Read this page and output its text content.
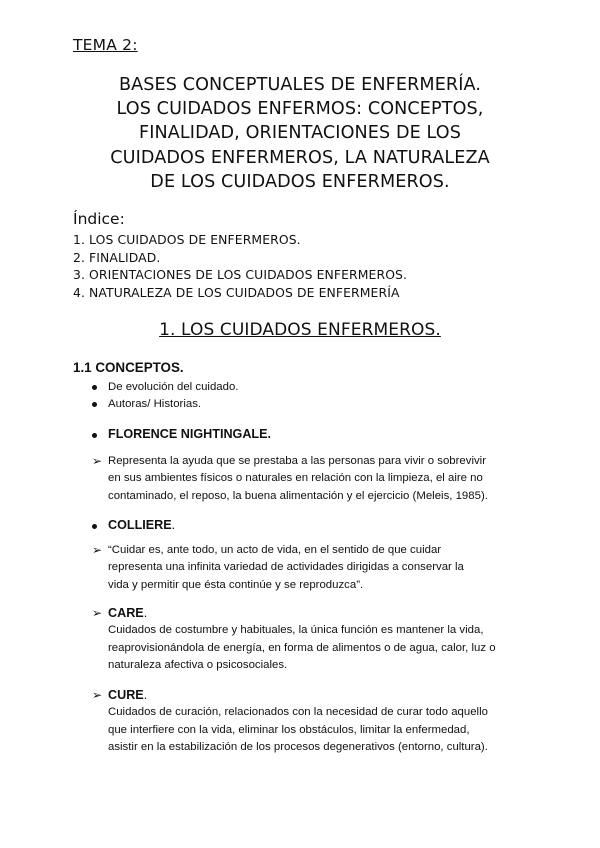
TEMA 2:
BASES CONCEPTUALES DE ENFERMERÍA.
LOS CUIDADOS ENFERMOS: CONCEPTOS,
FINALIDAD, ORIENTACIONES DE LOS
CUIDADOS ENFERMEROS, LA NATURALEZA
DE LOS CUIDADOS ENFERMEROS.
Índice:
1. LOS CUIDADOS DE ENFERMEROS.
2. FINALIDAD.
3. ORIENTACIONES DE LOS CUIDADOS ENFERMEROS.
4. NATURALEZA DE LOS CUIDADOS DE ENFERMERÍA
1. LOS CUIDADOS ENFERMEROS.
1.1 CONCEPTOS.
De evolución del cuidado.
Autoras/ Historias.
FLORENCE NIGHTINGALE.
➢ Representa la ayuda que se prestaba a las personas para vivir o sobrevivir
en sus ambientes físicos o naturales en relación con la limpieza, el aire no
contaminado, el reposo, la buena alimentación y el ejercicio (Meleis, 1985).
COLLIERE.
➢ “Cuidar es, ante todo, un acto de vida, en el sentido de que cuidar
representa una infinita variedad de actividades dirigidas a conservar la
vida y permitir que ésta continúe y se reproduzca”.
➢ CARE.
Cuidados de costumbre y habituales, la única función es mantener la vida,
reaprovisionándola de energía, en forma de alimentos o de agua, calor, luz o
naturaleza afectiva o psicosociales.
➢ CURE.
Cuidados de curación, relacionados con la necesidad de curar todo aquello
que interfiere con la vida, eliminar los obstáculos, limitar la enfermedad,
asistir en la estabilización de los procesos degenerativos (entorno, cultura).
